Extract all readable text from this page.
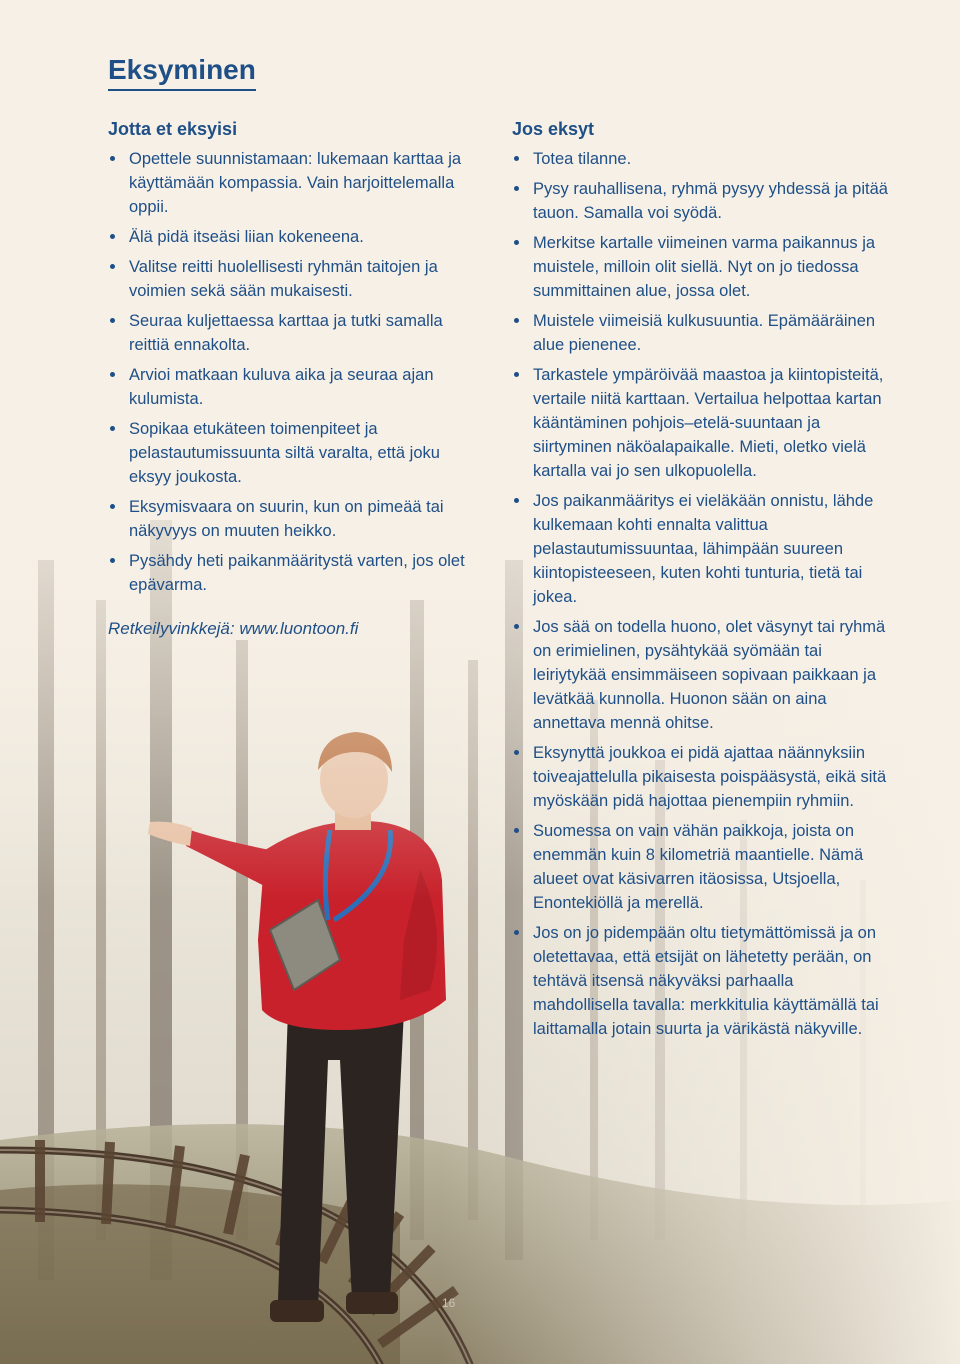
Eksyminen
Jotta et eksyisi
Opettele suunnistamaan: lukemaan karttaa ja käyttämään kompassia. Vain harjoittelemalla oppii.
Älä pidä itseäsi liian kokeneena.
Valitse reitti huolellisesti ryhmän taitojen ja voimien sekä sään mukaisesti.
Seuraa kuljettaessa karttaa ja tutki samalla reittiä ennakolta.
Arvioi matkaan kuluva aika ja seuraa ajan kulumista.
Sopikaa etukäteen toimenpiteet ja pelastautumissuunta siltä varalta, että joku eksyy joukosta.
Eksymisvaara on suurin, kun on pimeää tai näkyvyys on muuten heikko.
Pysähdy heti paikanmääritystä varten, jos olet epävarma.

Retkeilyvinkkejä: www.luontoon.fi

Jos eksyt
Totea tilanne.
Pysy rauhallisena, ryhmä pysyy yhdessä ja pitää tauon. Samalla voi syödä.
Merkitse kartalle viimeinen varma paikannus ja muistele, milloin olit siellä. Nyt on jo tiedossa summittainen alue, jossa olet.
Muistele viimeisiä kulkusuuntia. Epämääräinen alue pienenee.
Tarkastele ympäröivää maastoa ja kiintopisteitä, vertaile niitä karttaan. Vertailua helpottaa kartan kääntäminen pohjois–etelä-suuntaan ja siirtyminen näköalapaikalle. Mieti, oletko vielä kartalla vai jo sen ulkopuolella.
Jos paikanmääritys ei vieläkään onnistu, lähde kulkemaan kohti ennalta valittua pelastautumissuuntaa, lähimpään suureen kiintopisteeseen, kuten kohti tunturia, tietä tai jokea.
Jos sää on todella huono, olet väsynyt tai ryhmä on erimielinen, pysähtykää syömään tai leiriytykää ensimmäiseen sopivaan paikkaan ja levätkää kunnolla. Huonon sään on aina annettava mennä ohitse.
Eksynyttä joukkoa ei pidä ajattaa näännyksiin toiveajattelulla pikaisesta poispääsystä, eikä sitä myöskään pidä hajottaa pienempiin ryhmiin.
Suomessa on vain vähän paikkoja, joista on enemmän kuin 8 kilometriä maantielle. Nämä alueet ovat käsivarren itäosissa, Utsjoella, Enontekiöllä ja merellä.
Jos on jo pidempään oltu tietymättömissä ja on oletettavaa, että etsijät on lähetetty perään, on tehtävä itsensä näkyväksi parhaalla mahdollisella tavalla: merkkitulia käyttämällä tai laittamalla jotain suurta ja värikästä näkyville.
16
